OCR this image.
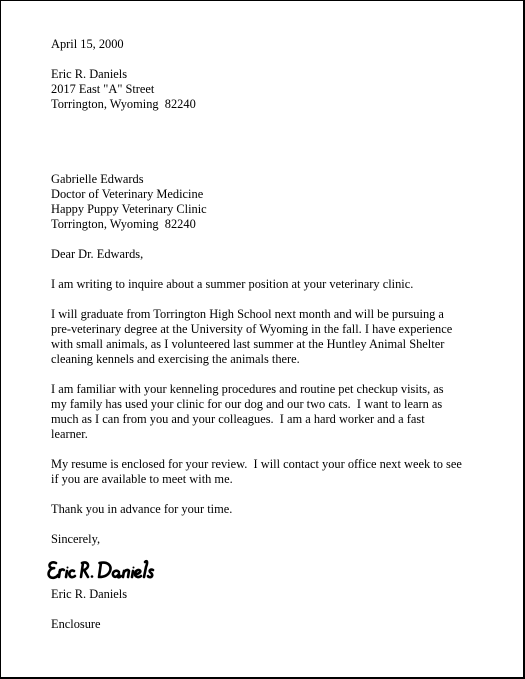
April 15, 2000
Eric R. Daniels
2017 East "A" Street
Torrington, Wyoming  82240
Gabrielle Edwards
Doctor of Veterinary Medicine
Happy Puppy Veterinary Clinic
Torrington, Wyoming  82240
Dear Dr. Edwards,
I am writing to inquire about a summer position at your veterinary clinic.
I will graduate from Torrington High School next month and will be pursuing a
pre-veterinary degree at the University of Wyoming in the fall. I have experience
with small animals, as I volunteered last summer at the Huntley Animal Shelter
cleaning kennels and exercising the animals there.
I am familiar with your kenneling procedures and routine pet checkup visits, as
my family has used your clinic for our dog and our two cats.  I want to learn as
much as I can from you and your colleagues.  I am a hard worker and a fast
learner.
My resume is enclosed for your review.  I will contact your office next week to see
if you are available to meet with me.
Thank you in advance for your time.
Sincerely,
Eric R. Daniels
Enclosure
